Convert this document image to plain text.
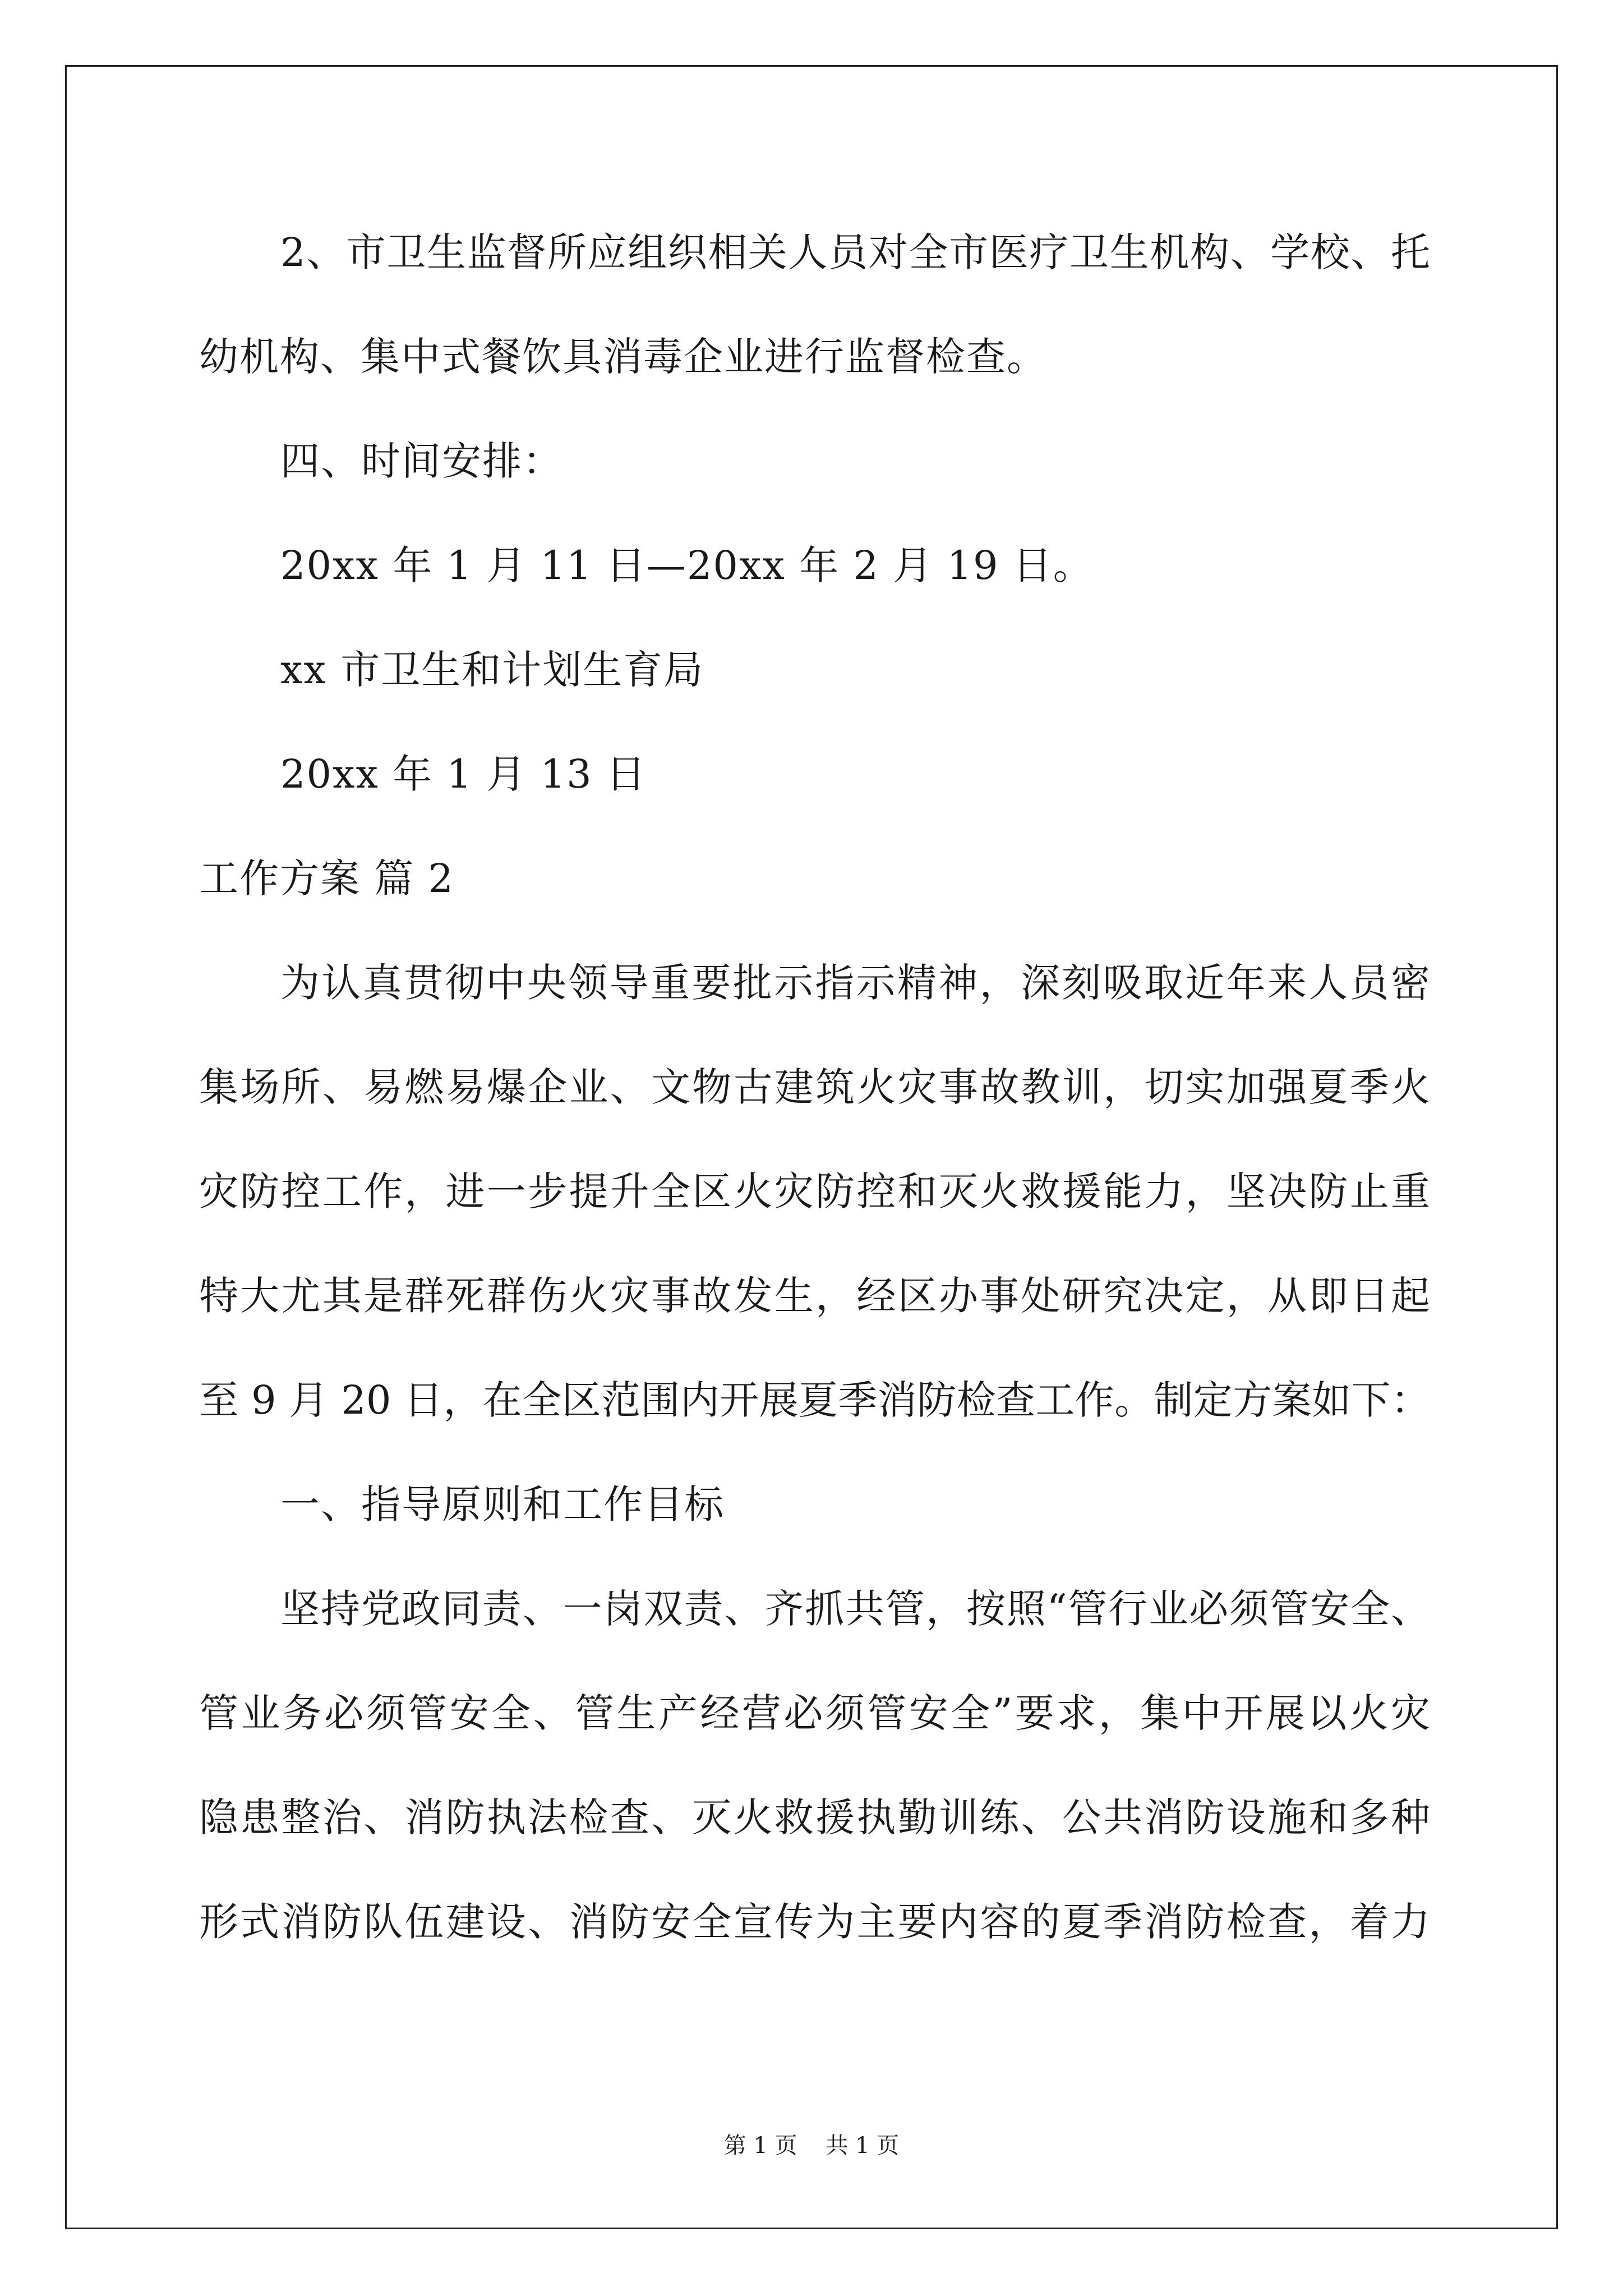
2、市卫生监督所应组织相关人员对全市医疗卫生机构、学校、托
幼机构、集中式餐饮具消毒企业进行监督检查。
四、时间安排：
20xx 年 1 月 11 日—20xx 年 2 月 19 日。
xx 市卫生和计划生育局
20xx 年 1 月 13 日
工作方案 篇 2
为认真贯彻中央领导重要批示指示精神，深刻吸取近年来人员密
集场所、易燃易爆企业、文物古建筑火灾事故教训，切实加强夏季火
灾防控工作，进一步提升全区火灾防控和灭火救援能力，坚决防止重
特大尤其是群死群伤火灾事故发生，经区办事处研究决定，从即日起
至 9 月 20 日，在全区范围内开展夏季消防检查工作。制定方案如下：
一、指导原则和工作目标
坚持党政同责、一岗双责、齐抓共管，按照“管行业必须管安全、
管业务必须管安全、管生产经营必须管安全”要求，集中开展以火灾
隐患整治、消防执法检查、灭火救援执勤训练、公共消防设施和多种
形式消防队伍建设、消防安全宣传为主要内容的夏季消防检查，着力
第 1 页    共 1 页
